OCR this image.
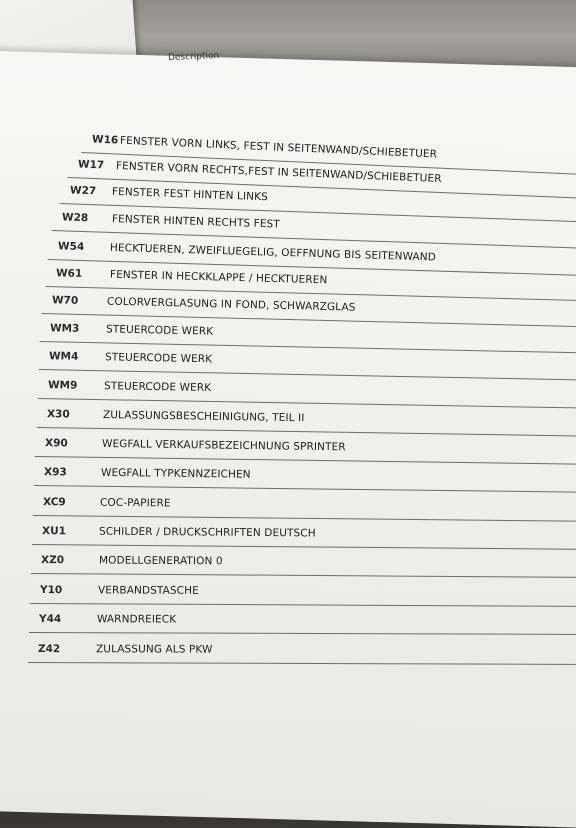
Description
W16 FENSTER VORN LINKS, FEST IN SEITENWAND/SCHIEBETUER
W17 FENSTER VORN RECHTS,FEST IN SEITENWAND/SCHIEBETUER
W27 FENSTER FEST HINTEN LINKS
W28 FENSTER HINTEN RECHTS FEST
W54 HECKTUEREN, ZWEIFLUEGELIG, OEFFNUNG BIS SEITENWAND
W61	FENSTER IN HECKKLAPPE / HECKTUEREN
W70	COLORVERGLASUNG IN FOND, SCHWARZGLAS
WM3	STEUERCODE WERK
WM4	STEUERCODE WERK
WM9	STEUERCODE WERK
X30	ZULASSUNGSBESCHEINIGUNG, TEIL II
X90	WEGFALL VERKAUFSBEZEICHNUNG SPRINTER
X93	WEGFALL TYPKENNZEICHEN
XC9	COC-PAPIERE
XU1	SCHILDER / DRUCKSCHRIFTEN DEUTSCH
XZ0	MODELLGENERATION 0
Y10	VERBANDSTASCHE
Y44	WARNDREIECK
Z42	ZULASSUNG ALS PKW
